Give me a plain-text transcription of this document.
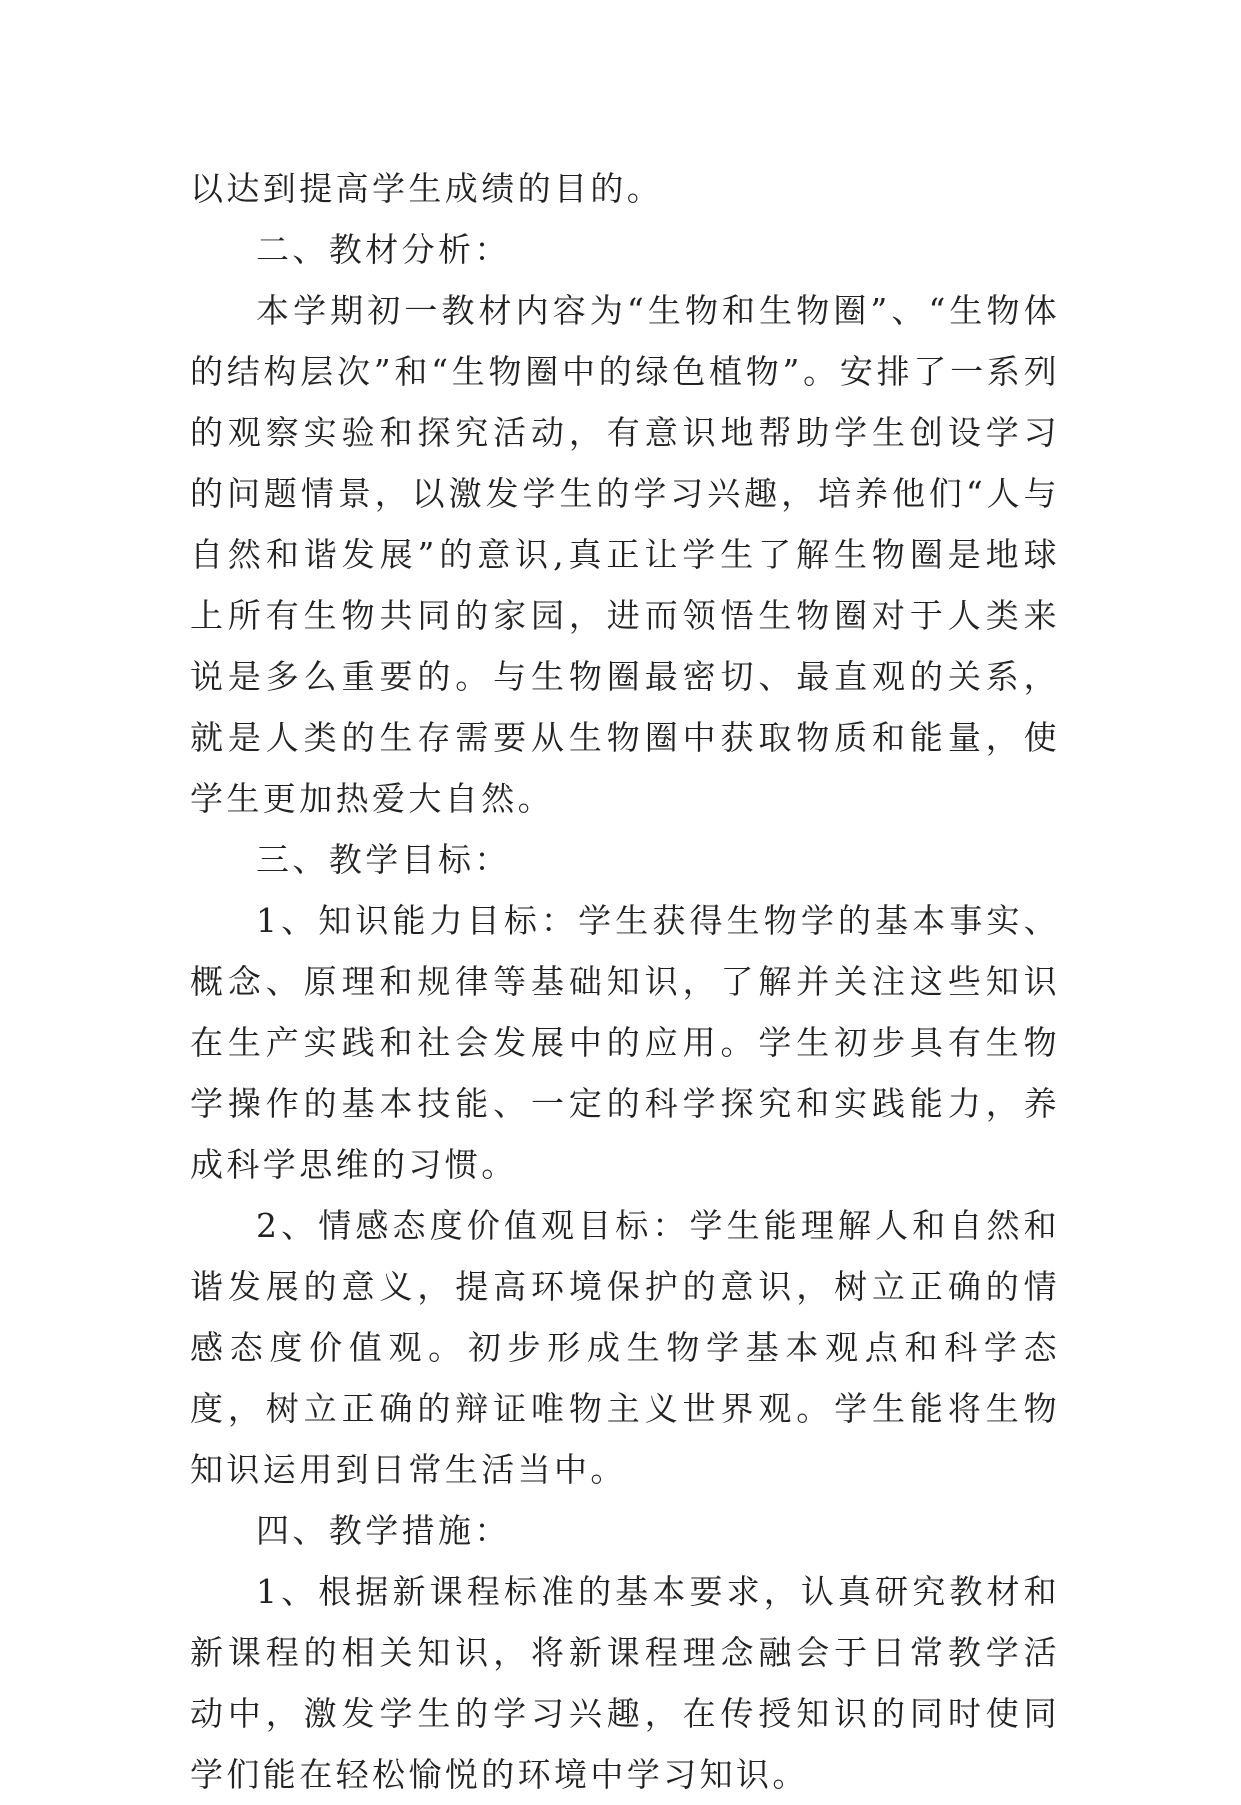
以达到提高学生成绩的目的。

二、教材分析：

本学期初一教材内容为“生物和生物圈”、“生物体的结构层次”和“生物圈中的绿色植物”。安排了一系列的观察实验和探究活动，有意识地帮助学生创设学习的问题情景，以激发学生的学习兴趣，培养他们“人与自然和谐发展”的意识,真正让学生了解生物圈是地球上所有生物共同的家园，进而领悟生物圈对于人类来说是多么重要的。与生物圈最密切、最直观的关系，就是人类的生存需要从生物圈中获取物质和能量，使学生更加热爱大自然。

三、教学目标：

1、知识能力目标：学生获得生物学的基本事实、概念、原理和规律等基础知识，了解并关注这些知识在生产实践和社会发展中的应用。学生初步具有生物学操作的基本技能、一定的科学探究和实践能力，养成科学思维的习惯。

2、情感态度价值观目标：学生能理解人和自然和谐发展的意义，提高环境保护的意识，树立正确的情感态度价值观。初步形成生物学基本观点和科学态度，树立正确的辩证唯物主义世界观。学生能将生物知识运用到日常生活当中。

四、教学措施：

1、根据新课程标准的基本要求，认真研究教材和新课程的相关知识，将新课程理念融会于日常教学活动中，激发学生的学习兴趣，在传授知识的同时使同学们能在轻松愉悦的环境中学习知识。
